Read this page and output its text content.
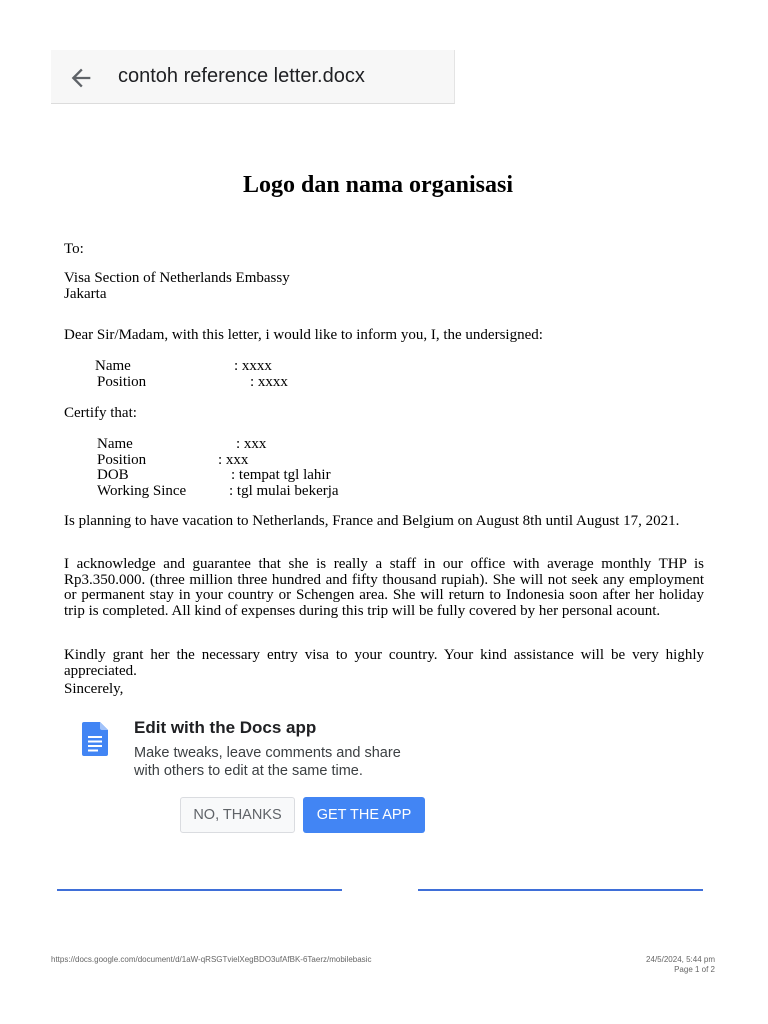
contoh reference letter.docx
Logo dan nama organisasi
To:
Visa Section of Netherlands Embassy
Jakarta
Dear Sir/Madam, with this letter, i would like to inform you, I, the undersigned:
Name	: xxxx
Position	: xxxx
Certify that:
Name	: xxx
Position	: xxx
DOB	: tempat tgl lahir
Working Since	: tgl mulai bekerja
Is planning to have vacation to Netherlands, France and Belgium on August 8th until August 17, 2021.
I acknowledge and guarantee that she is really a staff in our office with average monthly THP is Rp3.350.000. (three million three hundred and fifty thousand rupiah). She will not seek any employment or permanent stay in your country or Schengen area. She will return to Indonesia soon after her holiday trip is completed. All kind of expenses during this trip will be fully covered by her personal acount.
Kindly grant her the necessary entry visa to your country. Your kind assistance will be very highly appreciated.
Sincerely,
Edit with the Docs app
Make tweaks, leave comments and share with others to edit at the same time.
NO, THANKS	GET THE APP
https://docs.google.com/document/d/1aW-qRSGTvielXegBDO3ufAfBK-6Taerz/mobilebasic	24/5/2024, 5:44 pm
Page 1 of 2
